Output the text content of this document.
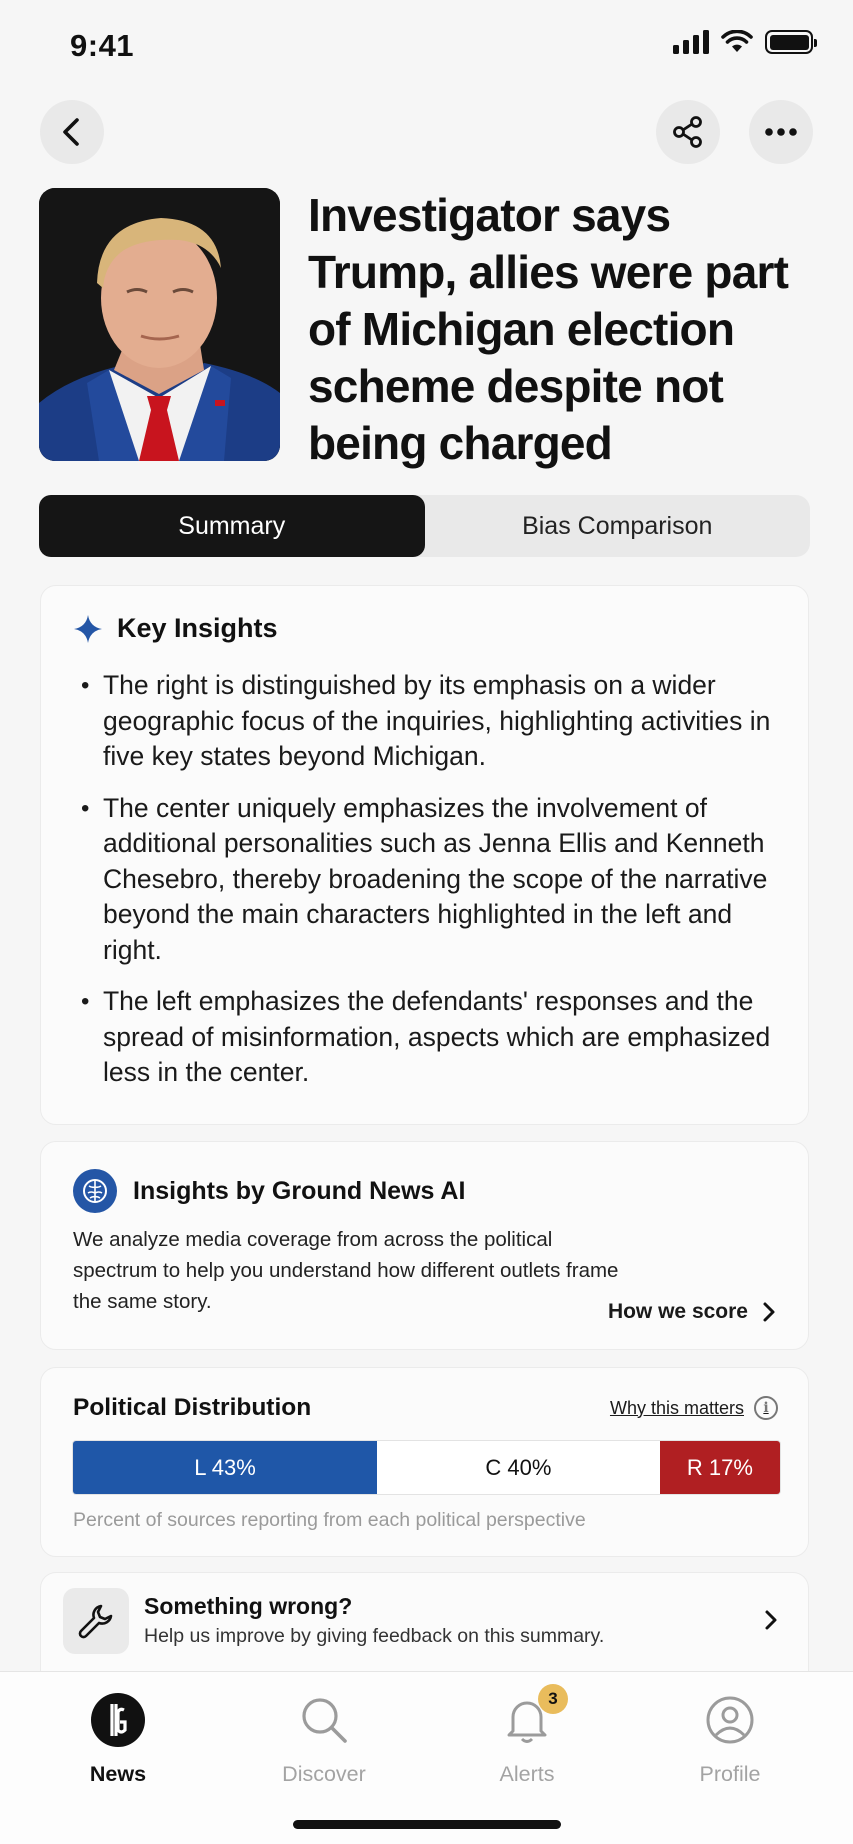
9:41
Investigator says Trump, allies were part of Michigan election scheme despite not being charged
Summary	Bias Comparison
Key Insights
• The right is distinguished by its emphasis on a wider geographic focus of the inquiries, highlighting activities in five key states beyond Michigan.
• The center uniquely emphasizes the involvement of additional personalities such as Jenna Ellis and Kenneth Chesebro, thereby broadening the scope of the narrative beyond the main characters highlighted in the left and right.
• The left emphasizes the defendants' responses and the spread of misinformation, aspects which are emphasized less in the center.
Insights by Ground News AI

We analyze media coverage from across the political spectrum to help you understand how different outlets frame the same story.	How we score
Political Distribution	Why this matters	i
L 43%	C 40%	R 17%
Percent of sources reporting from each political perspective
Something wrong?
Help us improve by giving feedback on this summary.
News	Discover
3
Alerts	Profile
